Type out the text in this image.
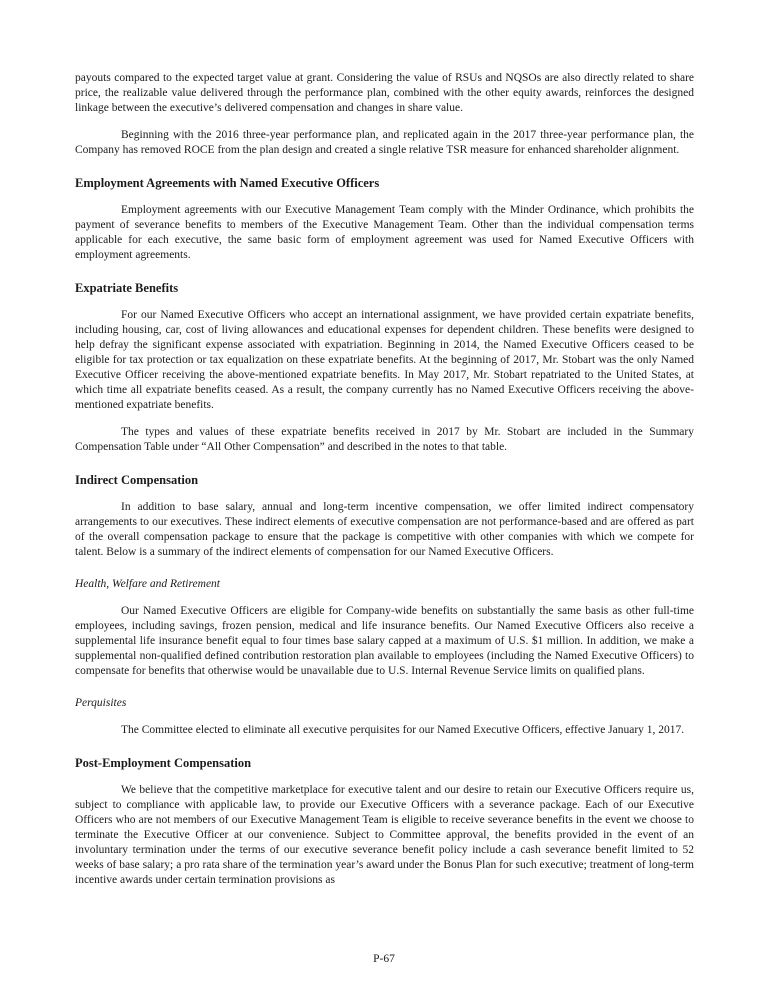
payouts compared to the expected target value at grant. Considering the value of RSUs and NQSOs are also directly related to share price, the realizable value delivered through the performance plan, combined with the other equity awards, reinforces the designed linkage between the executive’s delivered compensation and changes in share value.

Beginning with the 2016 three-year performance plan, and replicated again in the 2017 three-year performance plan, the Company has removed ROCE from the plan design and created a single relative TSR measure for enhanced shareholder alignment.

Employment Agreements with Named Executive Officers

Employment agreements with our Executive Management Team comply with the Minder Ordinance, which prohibits the payment of severance benefits to members of the Executive Management Team. Other than the individual compensation terms applicable for each executive, the same basic form of employment agreement was used for Named Executive Officers with employment agreements.

Expatriate Benefits

For our Named Executive Officers who accept an international assignment, we have provided certain expatriate benefits, including housing, car, cost of living allowances and educational expenses for dependent children. These benefits were designed to help defray the significant expense associated with expatriation. Beginning in 2014, the Named Executive Officers ceased to be eligible for tax protection or tax equalization on these expatriate benefits. At the beginning of 2017, Mr. Stobart was the only Named Executive Officer receiving the above-mentioned expatriate benefits. In May 2017, Mr. Stobart repatriated to the United States, at which time all expatriate benefits ceased. As a result, the company currently has no Named Executive Officers receiving the above-mentioned expatriate benefits.

The types and values of these expatriate benefits received in 2017 by Mr. Stobart are included in the Summary Compensation Table under “All Other Compensation” and described in the notes to that table.

Indirect Compensation

In addition to base salary, annual and long-term incentive compensation, we offer limited indirect compensatory arrangements to our executives. These indirect elements of executive compensation are not performance-based and are offered as part of the overall compensation package to ensure that the package is competitive with other companies with which we compete for talent. Below is a summary of the indirect elements of compensation for our Named Executive Officers.

Health, Welfare and Retirement

Our Named Executive Officers are eligible for Company-wide benefits on substantially the same basis as other full-time employees, including savings, frozen pension, medical and life insurance benefits. Our Named Executive Officers also receive a supplemental life insurance benefit equal to four times base salary capped at a maximum of U.S. $1 million. In addition, we make a supplemental non-qualified defined contribution restoration plan available to employees (including the Named Executive Officers) to compensate for benefits that otherwise would be unavailable due to U.S. Internal Revenue Service limits on qualified plans.

Perquisites

The Committee elected to eliminate all executive perquisites for our Named Executive Officers, effective January 1, 2017.

Post-Employment Compensation

We believe that the competitive marketplace for executive talent and our desire to retain our Executive Officers require us, subject to compliance with applicable law, to provide our Executive Officers with a severance package. Each of our Executive Officers who are not members of our Executive Management Team is eligible to receive severance benefits in the event we choose to terminate the Executive Officer at our convenience. Subject to Committee approval, the benefits provided in the event of an involuntary termination under the terms of our executive severance benefit policy include a cash severance benefit limited to 52 weeks of base salary; a pro rata share of the termination year’s award under the Bonus Plan for such executive; treatment of long-term incentive awards under certain termination provisions as

P-67
